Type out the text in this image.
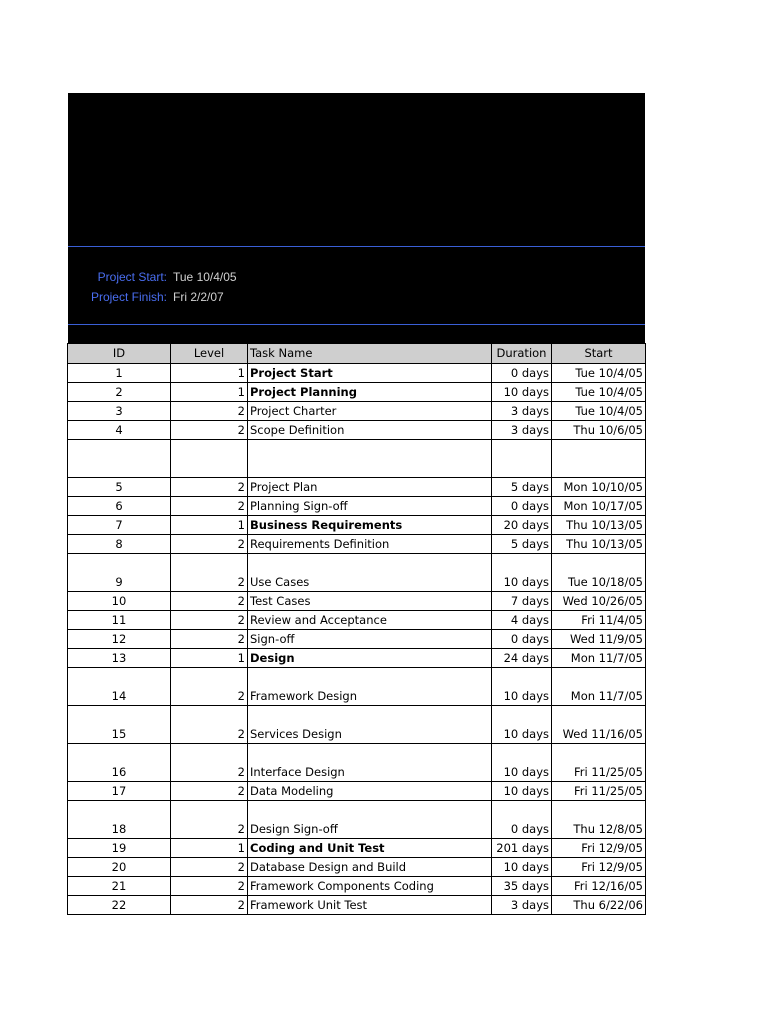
Project Start: Tue 10/4/05
Project Finish: Fri 2/2/07
ID	Level	Task Name	Duration	Start
1	1	Project Start	0 days	Tue 10/4/05
2	1	Project Planning	10 days	Tue 10/4/05
3	2	Project Charter	3 days	Tue 10/4/05
4	2	Scope Definition	3 days	Thu 10/6/05

5	2	Project Plan	5 days	Mon 10/10/05
6	2	Planning Sign-off	0 days	Mon 10/17/05
7	1	Business Requirements	20 days	Thu 10/13/05
8	2	Requirements Definition	5 days	Thu 10/13/05
9	2	Use Cases	10 days	Tue 10/18/05
10	2	Test Cases	7 days	Wed 10/26/05
11	2	Review and Acceptance	4 days	Fri 11/4/05
12	2	Sign-off	0 days	Wed 11/9/05
13	1	Design	24 days	Mon 11/7/05
14	2	Framework Design	10 days	Mon 11/7/05
15	2	Services Design	10 days	Wed 11/16/05
16	2	Interface Design	10 days	Fri 11/25/05
17	2	Data Modeling	10 days	Fri 11/25/05
18	2	Design Sign-off	0 days	Thu 12/8/05
19	1	Coding and Unit Test	201 days	Fri 12/9/05
20	2	Database Design and Build	10 days	Fri 12/9/05
21	2	Framework Components Coding	35 days	Fri 12/16/05
22	2	Framework Unit Test	3 days	Thu 6/22/06
